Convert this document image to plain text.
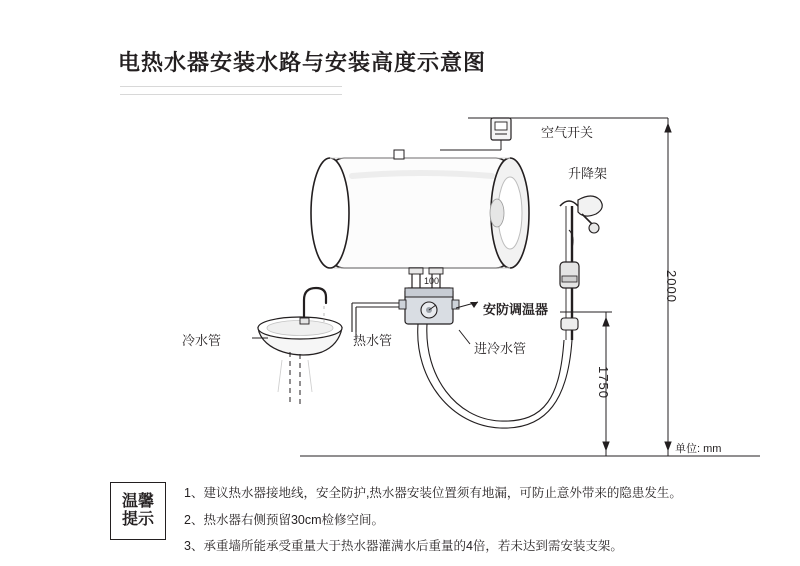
电热水器安装水路与安装高度示意图
空气开关
升降架
冷水管	热水管
安防调温器
进冷水管
2000
1750
单位: mm
100
温馨
提示

1、建议热水器接地线，安全防护,热水器安装位置须有地漏，可防止意外带来的隐患发生。

2、热水器右侧预留30cm检修空间。

3、承重墙所能承受重量大于热水器灌满水后重量的4倍，若未达到需安装支架。
